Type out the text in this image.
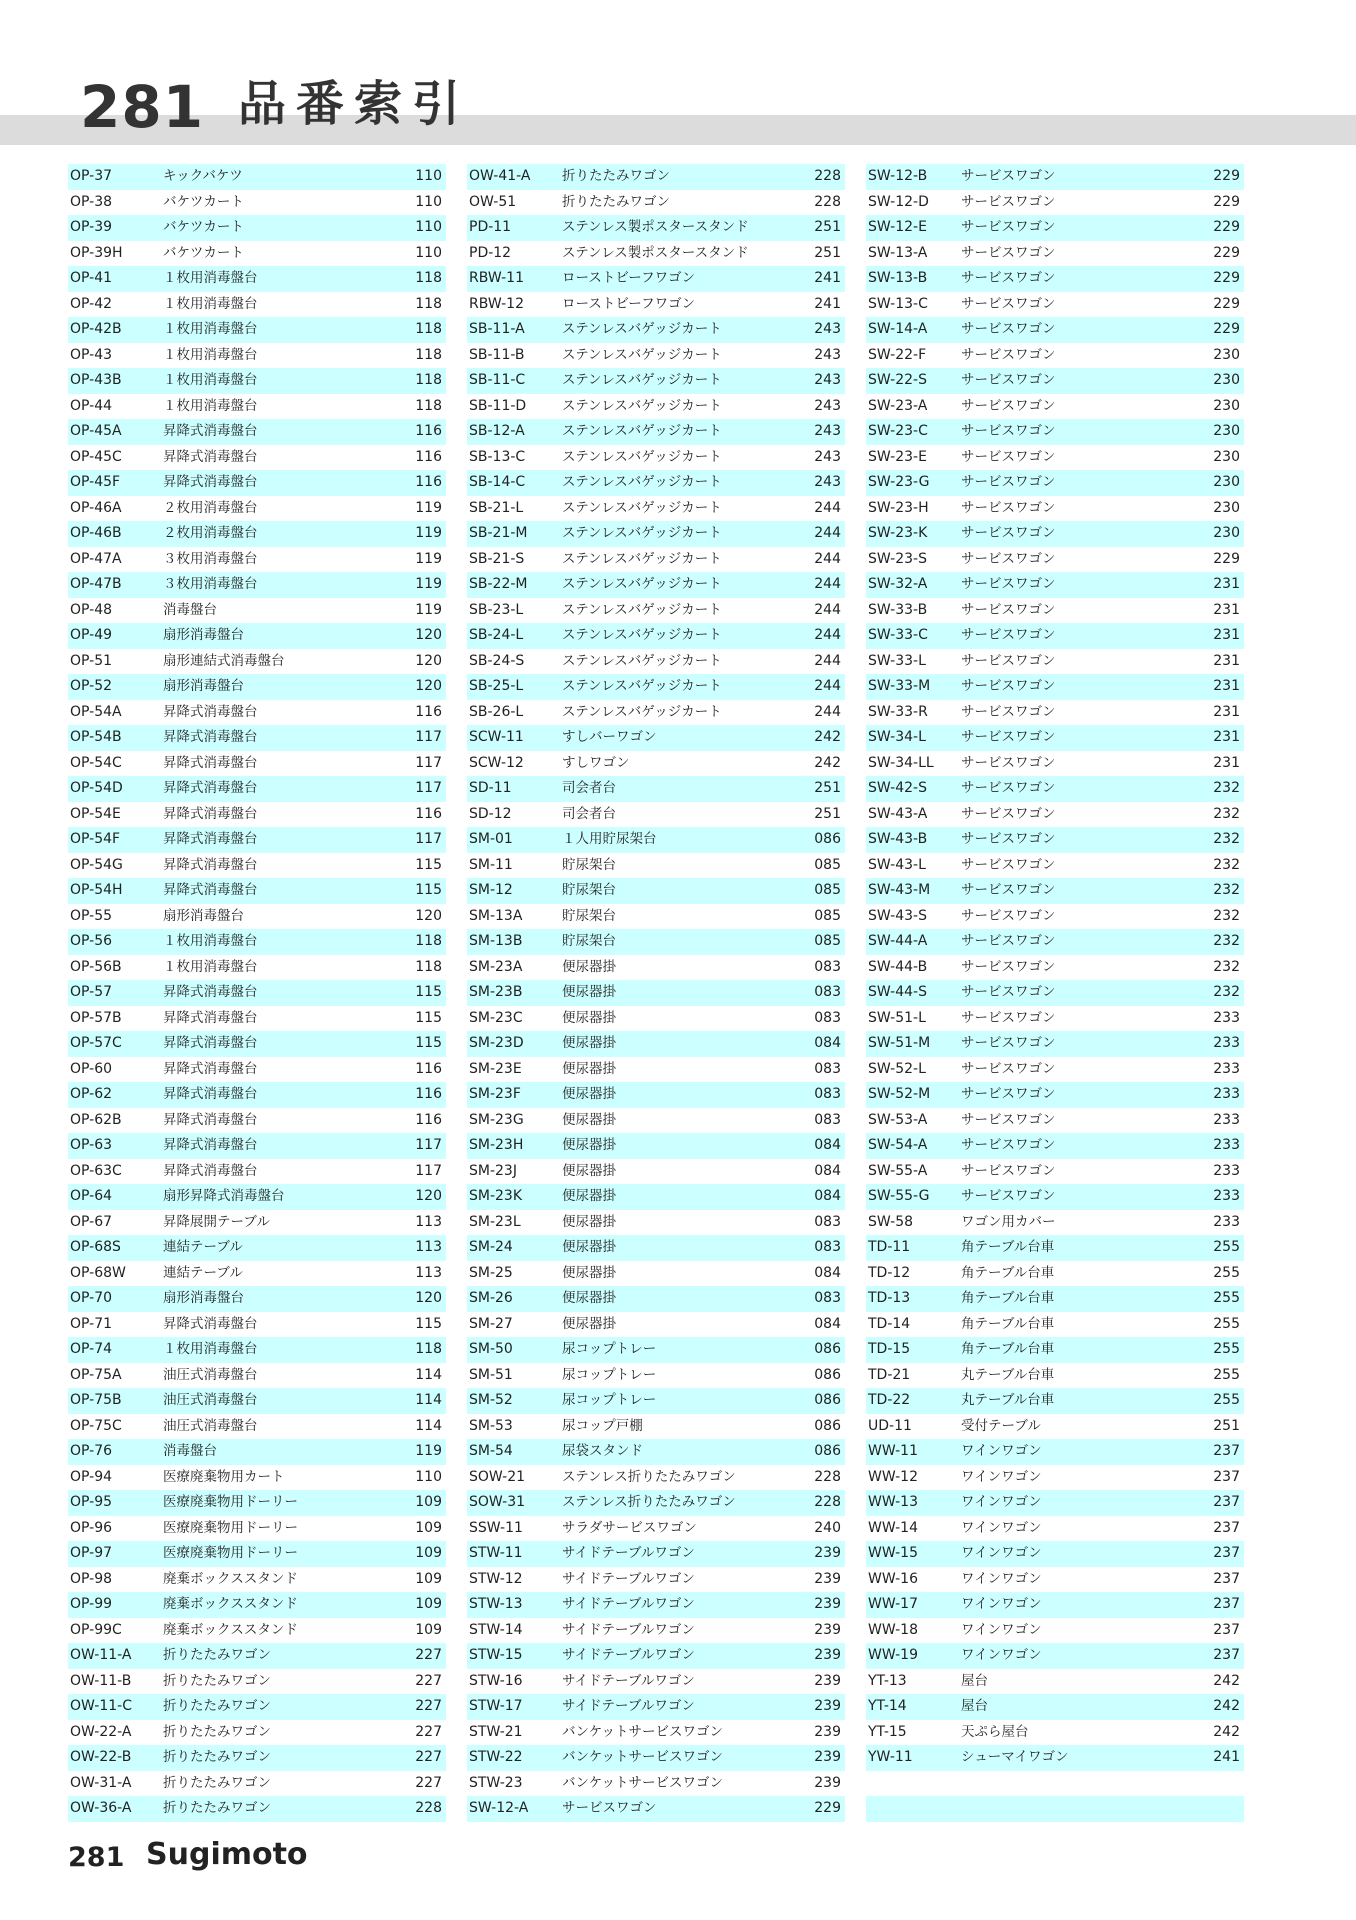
281 品番索引
OP-37	キックバケツ	110
OP-38	バケツカート	110
OP-39	バケツカート	110
OP-39H	バケツカート	110
OP-41	１枚用消毒盤台	118
OP-42	１枚用消毒盤台	118
OP-42B	１枚用消毒盤台	118
OP-43	１枚用消毒盤台	118
OP-43B	１枚用消毒盤台	118
OP-44	１枚用消毒盤台	118
OP-45A	昇降式消毒盤台	116
OP-45C	昇降式消毒盤台	116
OP-45F	昇降式消毒盤台	116
OP-46A	２枚用消毒盤台	119
OP-46B	２枚用消毒盤台	119
OP-47A	３枚用消毒盤台	119
OP-47B	３枚用消毒盤台	119
OP-48	消毒盤台	119
OP-49	扇形消毒盤台	120
OP-51	扇形連結式消毒盤台	120
OP-52	扇形消毒盤台	120
OP-54A	昇降式消毒盤台	116
OP-54B	昇降式消毒盤台	117
OP-54C	昇降式消毒盤台	117
OP-54D	昇降式消毒盤台	117
OP-54E	昇降式消毒盤台	116
OP-54F	昇降式消毒盤台	117
OP-54G	昇降式消毒盤台	115
OP-54H	昇降式消毒盤台	115
OP-55	扇形消毒盤台	120
OP-56	１枚用消毒盤台	118
OP-56B	１枚用消毒盤台	118
OP-57	昇降式消毒盤台	115
OP-57B	昇降式消毒盤台	115
OP-57C	昇降式消毒盤台	115
OP-60	昇降式消毒盤台	116
OP-62	昇降式消毒盤台	116
OP-62B	昇降式消毒盤台	116
OP-63	昇降式消毒盤台	117
OP-63C	昇降式消毒盤台	117
OP-64	扇形昇降式消毒盤台	120
OP-67	昇降展開テーブル	113
OP-68S	連結テーブル	113
OP-68W	連結テーブル	113
OP-70	扇形消毒盤台	120
OP-71	昇降式消毒盤台	115
OP-74	１枚用消毒盤台	118
OP-75A	油圧式消毒盤台	114
OP-75B	油圧式消毒盤台	114
OP-75C	油圧式消毒盤台	114
OP-76	消毒盤台	119
OP-94	医療廃棄物用カート	110
OP-95	医療廃棄物用ドーリー	109
OP-96	医療廃棄物用ドーリー	109
OP-97	医療廃棄物用ドーリー	109
OP-98	廃棄ボックススタンド	109
OP-99	廃棄ボックススタンド	109
OP-99C	廃棄ボックススタンド	109
OW-11-A 折りたたみワゴン	227
OW-11-B 折りたたみワゴン	227
OW-11-C 折りたたみワゴン	227
OW-22-A 折りたたみワゴン	227
OW-22-B 折りたたみワゴン	227
OW-31-A 折りたたみワゴン	227
OW-36-A 折りたたみワゴン	228
OW-41-A 折りたたみワゴン	228
OW-51	折りたたみワゴン	228
PD-11	ステンレス製ポスタースタンド	251
PD-12	ステンレス製ポスタースタンド	251
RBW-11	ローストビーフワゴン	241
RBW-12	ローストビーフワゴン	241
SB-11-A	ステンレスバゲッジカート	243
SB-11-B	ステンレスバゲッジカート	243
SB-11-C	ステンレスバゲッジカート	243
SB-11-D	ステンレスバゲッジカート	243
SB-12-A	ステンレスバゲッジカート	243
SB-13-C	ステンレスバゲッジカート	243
SB-14-C	ステンレスバゲッジカート	243
SB-21-L	ステンレスバゲッジカート	244
SB-21-M	ステンレスバゲッジカート	244
SB-21-S	ステンレスバゲッジカート	244
SB-22-M	ステンレスバゲッジカート	244
SB-23-L	ステンレスバゲッジカート	244
SB-24-L	ステンレスバゲッジカート	244
SB-24-S	ステンレスバゲッジカート	244
SB-25-L	ステンレスバゲッジカート	244
SB-26-L	ステンレスバゲッジカート	244
SCW-11	すしバーワゴン	242
SCW-12	すしワゴン	242
SD-11	司会者台	251
SD-12	司会者台	251
SM-01	１人用貯尿架台	086
SM-11	貯尿架台	085
SM-12	貯尿架台	085
SM-13A	貯尿架台	085
SM-13B	貯尿架台	085
SM-23A	便尿器掛	083
SM-23B	便尿器掛	083
SM-23C	便尿器掛	083
SM-23D	便尿器掛	084
SM-23E	便尿器掛	083
SM-23F	便尿器掛	083
SM-23G	便尿器掛	083
SM-23H	便尿器掛	084
SM-23J	便尿器掛	084
SM-23K	便尿器掛	084
SM-23L	便尿器掛	083
SM-24	便尿器掛	083
SM-25	便尿器掛	084
SM-26	便尿器掛	083
SM-27	便尿器掛	084
SM-50	尿コップトレー	086
SM-51	尿コップトレー	086
SM-52	尿コップトレー	086
SM-53	尿コップ戸棚	086
SM-54	尿袋スタンド	086
SOW-21	ステンレス折りたたみワゴン	228
SOW-31	ステンレス折りたたみワゴン	228
SSW-11	サラダサービスワゴン	240
STW-11	サイドテーブルワゴン	239
STW-12	サイドテーブルワゴン	239
STW-13	サイドテーブルワゴン	239
STW-14	サイドテーブルワゴン	239
STW-15	サイドテーブルワゴン	239
STW-16	サイドテーブルワゴン	239
STW-17	サイドテーブルワゴン	239
STW-21	バンケットサービスワゴン	239
STW-22	バンケットサービスワゴン	239
STW-23	バンケットサービスワゴン	239
SW-12-A サービスワゴン	229
SW-12-B	サービスワゴン	229
SW-12-D サービスワゴン	229
SW-12-E	サービスワゴン	229
SW-13-A サービスワゴン	229
SW-13-B	サービスワゴン	229
SW-13-C サービスワゴン	229
SW-14-A サービスワゴン	229
SW-22-F	サービスワゴン	230
SW-22-S	サービスワゴン	230
SW-23-A サービスワゴン	230
SW-23-C サービスワゴン	230
SW-23-E	サービスワゴン	230
SW-23-G サービスワゴン	230
SW-23-H サービスワゴン	230
SW-23-K サービスワゴン	230
SW-23-S	サービスワゴン	229
SW-32-A サービスワゴン	231
SW-33-B	サービスワゴン	231
SW-33-C サービスワゴン	231
SW-33-L	サービスワゴン	231
SW-33-M サービスワゴン	231
SW-33-R サービスワゴン	231
SW-34-L	サービスワゴン	231
SW-34-LL サービスワゴン	231
SW-42-S	サービスワゴン	232
SW-43-A サービスワゴン	232
SW-43-B	サービスワゴン	232
SW-43-L	サービスワゴン	232
SW-43-M サービスワゴン	232
SW-43-S	サービスワゴン	232
SW-44-A サービスワゴン	232
SW-44-B	サービスワゴン	232
SW-44-S	サービスワゴン	232
SW-51-L	サービスワゴン	233
SW-51-M サービスワゴン	233
SW-52-L	サービスワゴン	233
SW-52-M サービスワゴン	233
SW-53-A サービスワゴン	233
SW-54-A サービスワゴン	233
SW-55-A サービスワゴン	233
SW-55-G サービスワゴン	233
SW-58	ワゴン用カバー	233
TD-11	角テーブル台車	255
TD-12	角テーブル台車	255
TD-13	角テーブル台車	255
TD-14	角テーブル台車	255
TD-15	角テーブル台車	255
TD-21	丸テーブル台車	255
TD-22	丸テーブル台車	255
UD-11	受付テーブル	251
WW-11	ワインワゴン	237
WW-12	ワインワゴン	237
WW-13	ワインワゴン	237
WW-14	ワインワゴン	237
WW-15	ワインワゴン	237
WW-16	ワインワゴン	237
WW-17	ワインワゴン	237
WW-18	ワインワゴン	237
WW-19	ワインワゴン	237
YT-13	屋台	242
YT-14	屋台	242
YT-15	天ぷら屋台	242
YW-11	シューマイワゴン	241
281 Sugimoto
